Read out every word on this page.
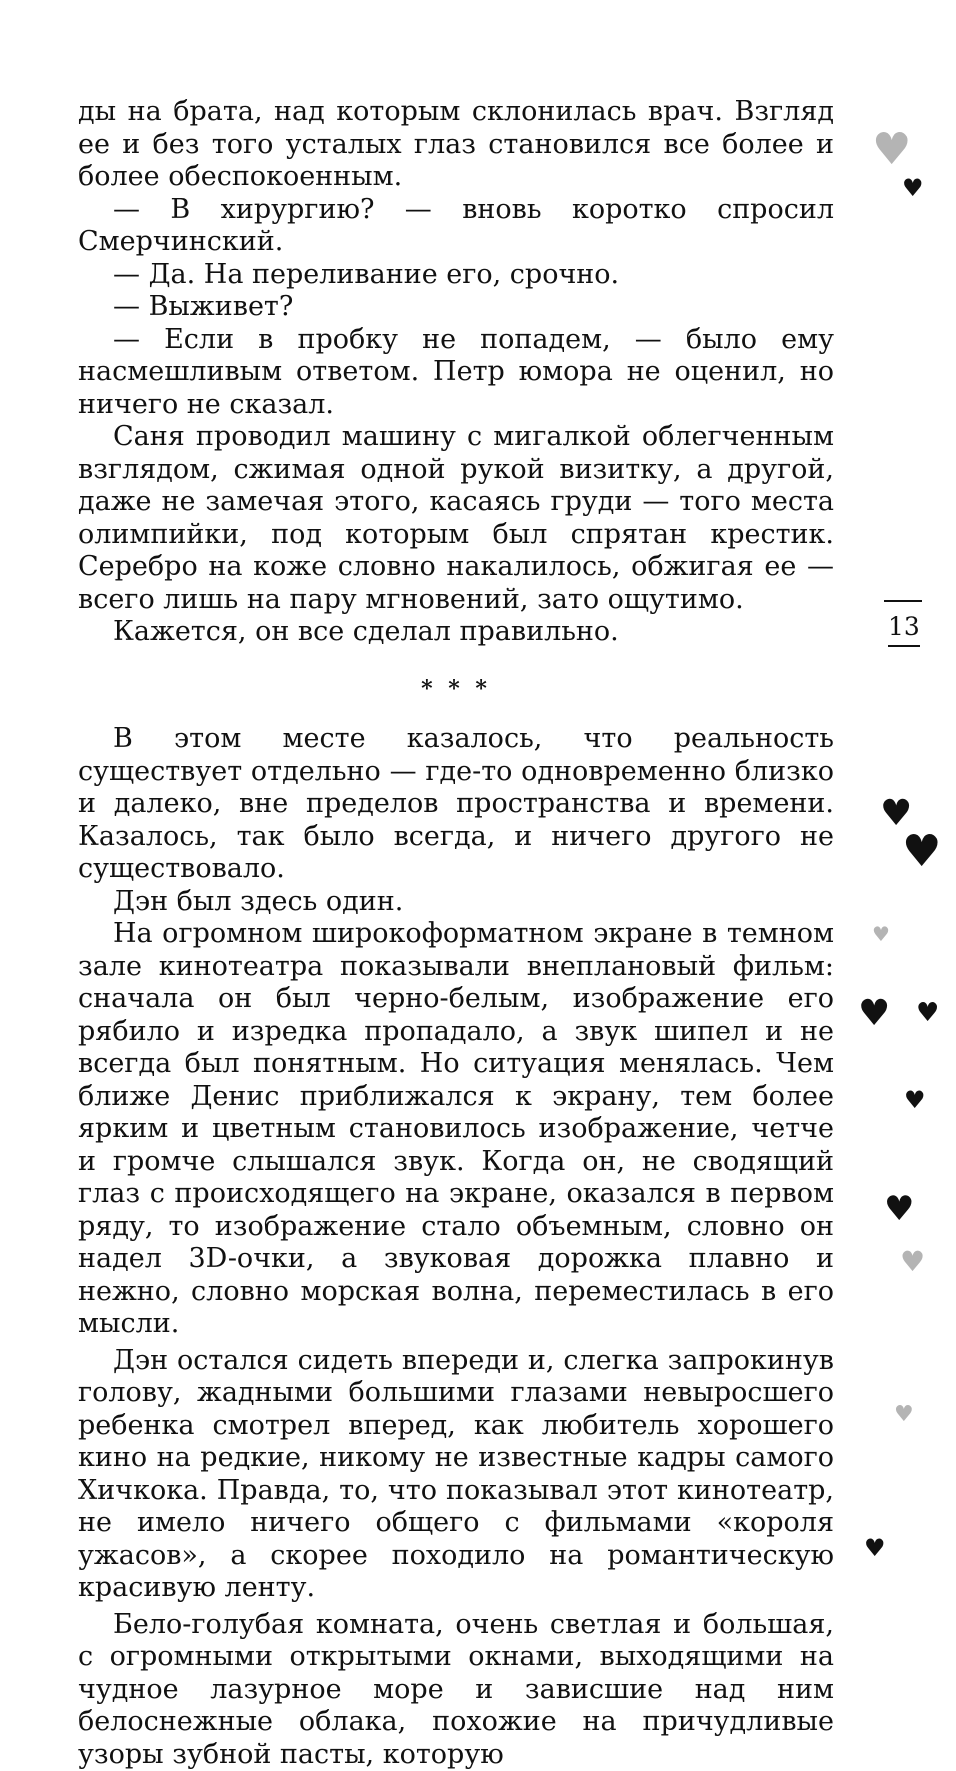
ды на брата, над которым склонилась врач. Взгляд ее и без того усталых глаз становился все более и более обеспокоенным.

— В хирургию? — вновь коротко спросил Смерчинский.

— Да. На переливание его, срочно.

— Выживет?

— Если в пробку не попадем, — было ему насмешливым ответом. Петр юмора не оценил, но ничего не сказал.

Саня проводил машину с мигалкой облегченным взглядом, сжимая одной рукой визитку, а другой, даже не замечая этого, касаясь груди — того места олимпийки, под которым был спрятан крестик. Серебро на коже словно накалилось, обжигая ее — всего лишь на пару мгновений, зато ощутимо.

Кажется, он все сделал правильно.

* * *

В этом месте казалось, что реальность существует отдельно — где-то одновременно близко и далеко, вне пределов пространства и времени. Казалось, так было всегда, и ничего другого не существовало.

Дэн был здесь один.

На огромном широкоформатном экране в темном зале кинотеатра показывали внеплановый фильм: сначала он был черно-белым, изображение его рябило и изредка пропадало, а звук шипел и не всегда был понятным. Но ситуация менялась. Чем ближе Денис приближался к экрану, тем более ярким и цветным становилось изображение, четче и громче слышался звук. Когда он, не сводящий глаз с происходящего на экране, оказался в первом ряду, то изображение стало объемным, словно он надел 3D-очки, а звуковая дорожка плавно и нежно, словно морская волна, переместилась в его мысли.

Дэн остался сидеть впереди и, слегка запрокинув голову, жадными большими глазами невыросшего ребенка смотрел вперед, как любитель хорошего кино на редкие, никому не известные кадры самого Хичкока. Правда, то, что показывал этот кинотеатр, не имело ничего общего с фильмами «короля ужасов», а скорее походило на романтическую красивую ленту.

Бело-голубая комната, очень светлая и большая, с огромными открытыми окнами, выходящими на чудное лазурное море и зависшие над ним белоснежные облака, похожие на причудливые узоры зубной пасты, которую

13
♥
♥
♥
♥
♥
♥ ♥
♥
♥
♥
♥
♥
